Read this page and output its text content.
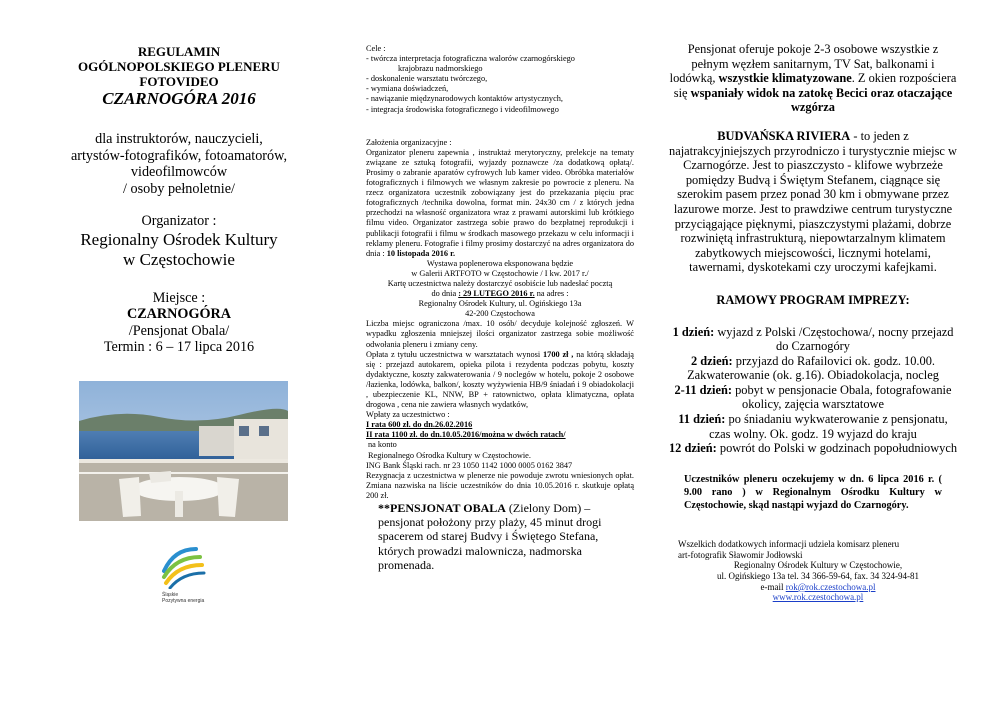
REGULAMIN
OGÓLNOPOLSKIEGO PLENERU
FOTOVIDEO
CZARNOGÓRA 2016
dla instruktorów, nauczycieli,
artystów-fotografików, fotoamatorów,
videofilmowców
/ osoby pełnoletnie/
Organizator :
Regionalny Ośrodek Kultury
w Częstochowie
Miejsce :
CZARNOGÓRA
/Pensjonat Obala/
Termin : 6 – 17 lipca 2016
Śląskie
Pozytywna energia
Cele :
- twórcza interpretacja fotograficzna walorów czarnogórskiego
krajobrazu nadmorskiego
- doskonalenie warsztatu twórczego,
- wymiana doświadczeń,
- nawiązanie międzynarodowych kontaktów artystycznych,
- integracja środowiska fotograficznego i videofilmowego
Założenia organizacyjne :
Organizator pleneru zapewnia , instruktaż merytoryczny, prelekcje na tematy związane ze sztuką fotografii, wyjazdy poznawcze /za dodatkową opłatą/. Prosimy o zabranie aparatów cyfrowych lub kamer video. Obróbka materiałów fotograficznych i filmowych we własnym zakresie po powrocie z pleneru. Na rzecz organizatora uczestnik zobowiązany jest do przekazania pięciu prac fotograficznych /technika dowolna, format min. 24x30 cm / z których jedna przechodzi na własność organizatora wraz z prawami autorskimi lub krótkiego filmu video. Organizator zastrzega sobie prawo do bezpłatnej reprodukcji i publikacji fotografii i filmu w środkach masowego przekazu w celu informacji i reklamy pleneru. Fotografie i filmy prosimy dostarczyć na adres organizatora do dnia : 10 listopada 2016 r.
Wystawa poplenerowa eksponowana będzie
w Galerii ARTFOTO w Częstochowie / I kw. 2017 r./
Kartę uczestnictwa należy dostarczyć osobiście lub nadesłać pocztą
do dnia : 29 LUTEGO 2016 r. na adres :
Regionalny Ośrodek Kultury, ul. Ogińskiego 13a
42-200 Częstochowa
Liczba miejsc ograniczona /max. 10 osób/ decyduje kolejność zgłoszeń. W wypadku zgłoszenia mniejszej ilości organizator zastrzega sobie możliwość odwołania pleneru i zmiany ceny.
Opłata z tytułu uczestnictwa w warsztatach wynosi 1700 zł , na którą składają się : przejazd autokarem, opieka pilota i rezydenta podczas pobytu, koszty dydaktyczne, koszty zakwaterowania / 9 noclegów w hotelu, pokoje 2 osobowe /łazienka, lodówka, balkon/, koszty wyżywienia HB/9 śniadań i 9 obiadokolacji , ubezpieczenie KL, NNW, BP + ratownictwo, opłata klimatyczna, opłata drogowa , cena nie zawiera własnych wydatków,
Wpłaty za uczestnictwo :
I rata 600 zł. do dn.26.02.2016
II rata 1100 zł. do dn.10.05.2016/można w dwóch ratach/
na konto
Regionalnego Ośrodka Kultury w Częstochowie.
ING Bank Śląski rach. nr 23 1050 1142 1000 0005 0162 3847
Rezygnacja z uczestnictwa w plenerze nie powoduje zwrotu wniesionych opłat. Zmiana nazwiska na liście uczestników do dnia 10.05.2016 r. skutkuje opłatą 200 zł.
**PENSJONAT OBALA (Zielony Dom) – pensjonat położony przy plaży, 45 minut drogi spacerem od starej Budvy i Świętego Stefana, których prowadzi malownicza, nadmorska promenada.
Pensjonat oferuje pokoje 2-3 osobowe wszystkie z pełnym węzłem sanitarnym, TV Sat, balkonami i lodówką, wszystkie klimatyzowane. Z okien rozpościera się wspaniały widok na zatokę Becici oraz otaczające wzgórza
BUDVAŃSKA RIVIERA - to jeden z najatrakcyjniejszych przyrodniczo i turystycznie miejsc w Czarnogórze. Jest to piaszczysto - klifowe wybrzeże pomiędzy Budvą i Świętym Stefanem, ciągnące się szerokim pasem przez ponad 30 km i obmywane przez lazurowe morze. Jest to prawdziwe centrum turystyczne przyciągające pięknymi, piaszczystymi plażami, dobrze rozwiniętą infrastrukturą, niepowtarzalnym klimatem zabytkowych miejscowości, licznymi hotelami, tawernami, dyskotekami czy uroczymi kafejkami.
RAMOWY PROGRAM IMPREZY:
1 dzień: wyjazd z Polski /Częstochowa/, nocny przejazd do Czarnogóry
2 dzień: przyjazd do Rafailovici ok. godz. 10.00. Zakwaterowanie (ok. g.16). Obiadokolacja, nocleg
2-11 dzień: pobyt w pensjonacie Obala, fotografowanie okolicy, zajęcia warsztatowe
11 dzień: po śniadaniu wykwaterowanie z pensjonatu, czas wolny. Ok. godz. 19 wyjazd do kraju
12 dzień: powrót do Polski w godzinach popołudniowych
Uczestników pleneru oczekujemy w dn. 6 lipca 2016 r. ( 9.00 rano ) w Regionalnym Ośrodku Kultury w Częstochowie, skąd nastąpi wyjazd do Czarnogóry.
Wszelkich dodatkowych informacji udziela komisarz pleneru
art-fotografik Sławomir Jodłowski
Regionalny Ośrodek Kultury w Częstochowie,
ul. Ogińskiego 13a tel. 34 366-59-64, fax. 34 324-94-81
e-mail rok@rok.czestochowa.pl
www.rok.czestochowa.pl
